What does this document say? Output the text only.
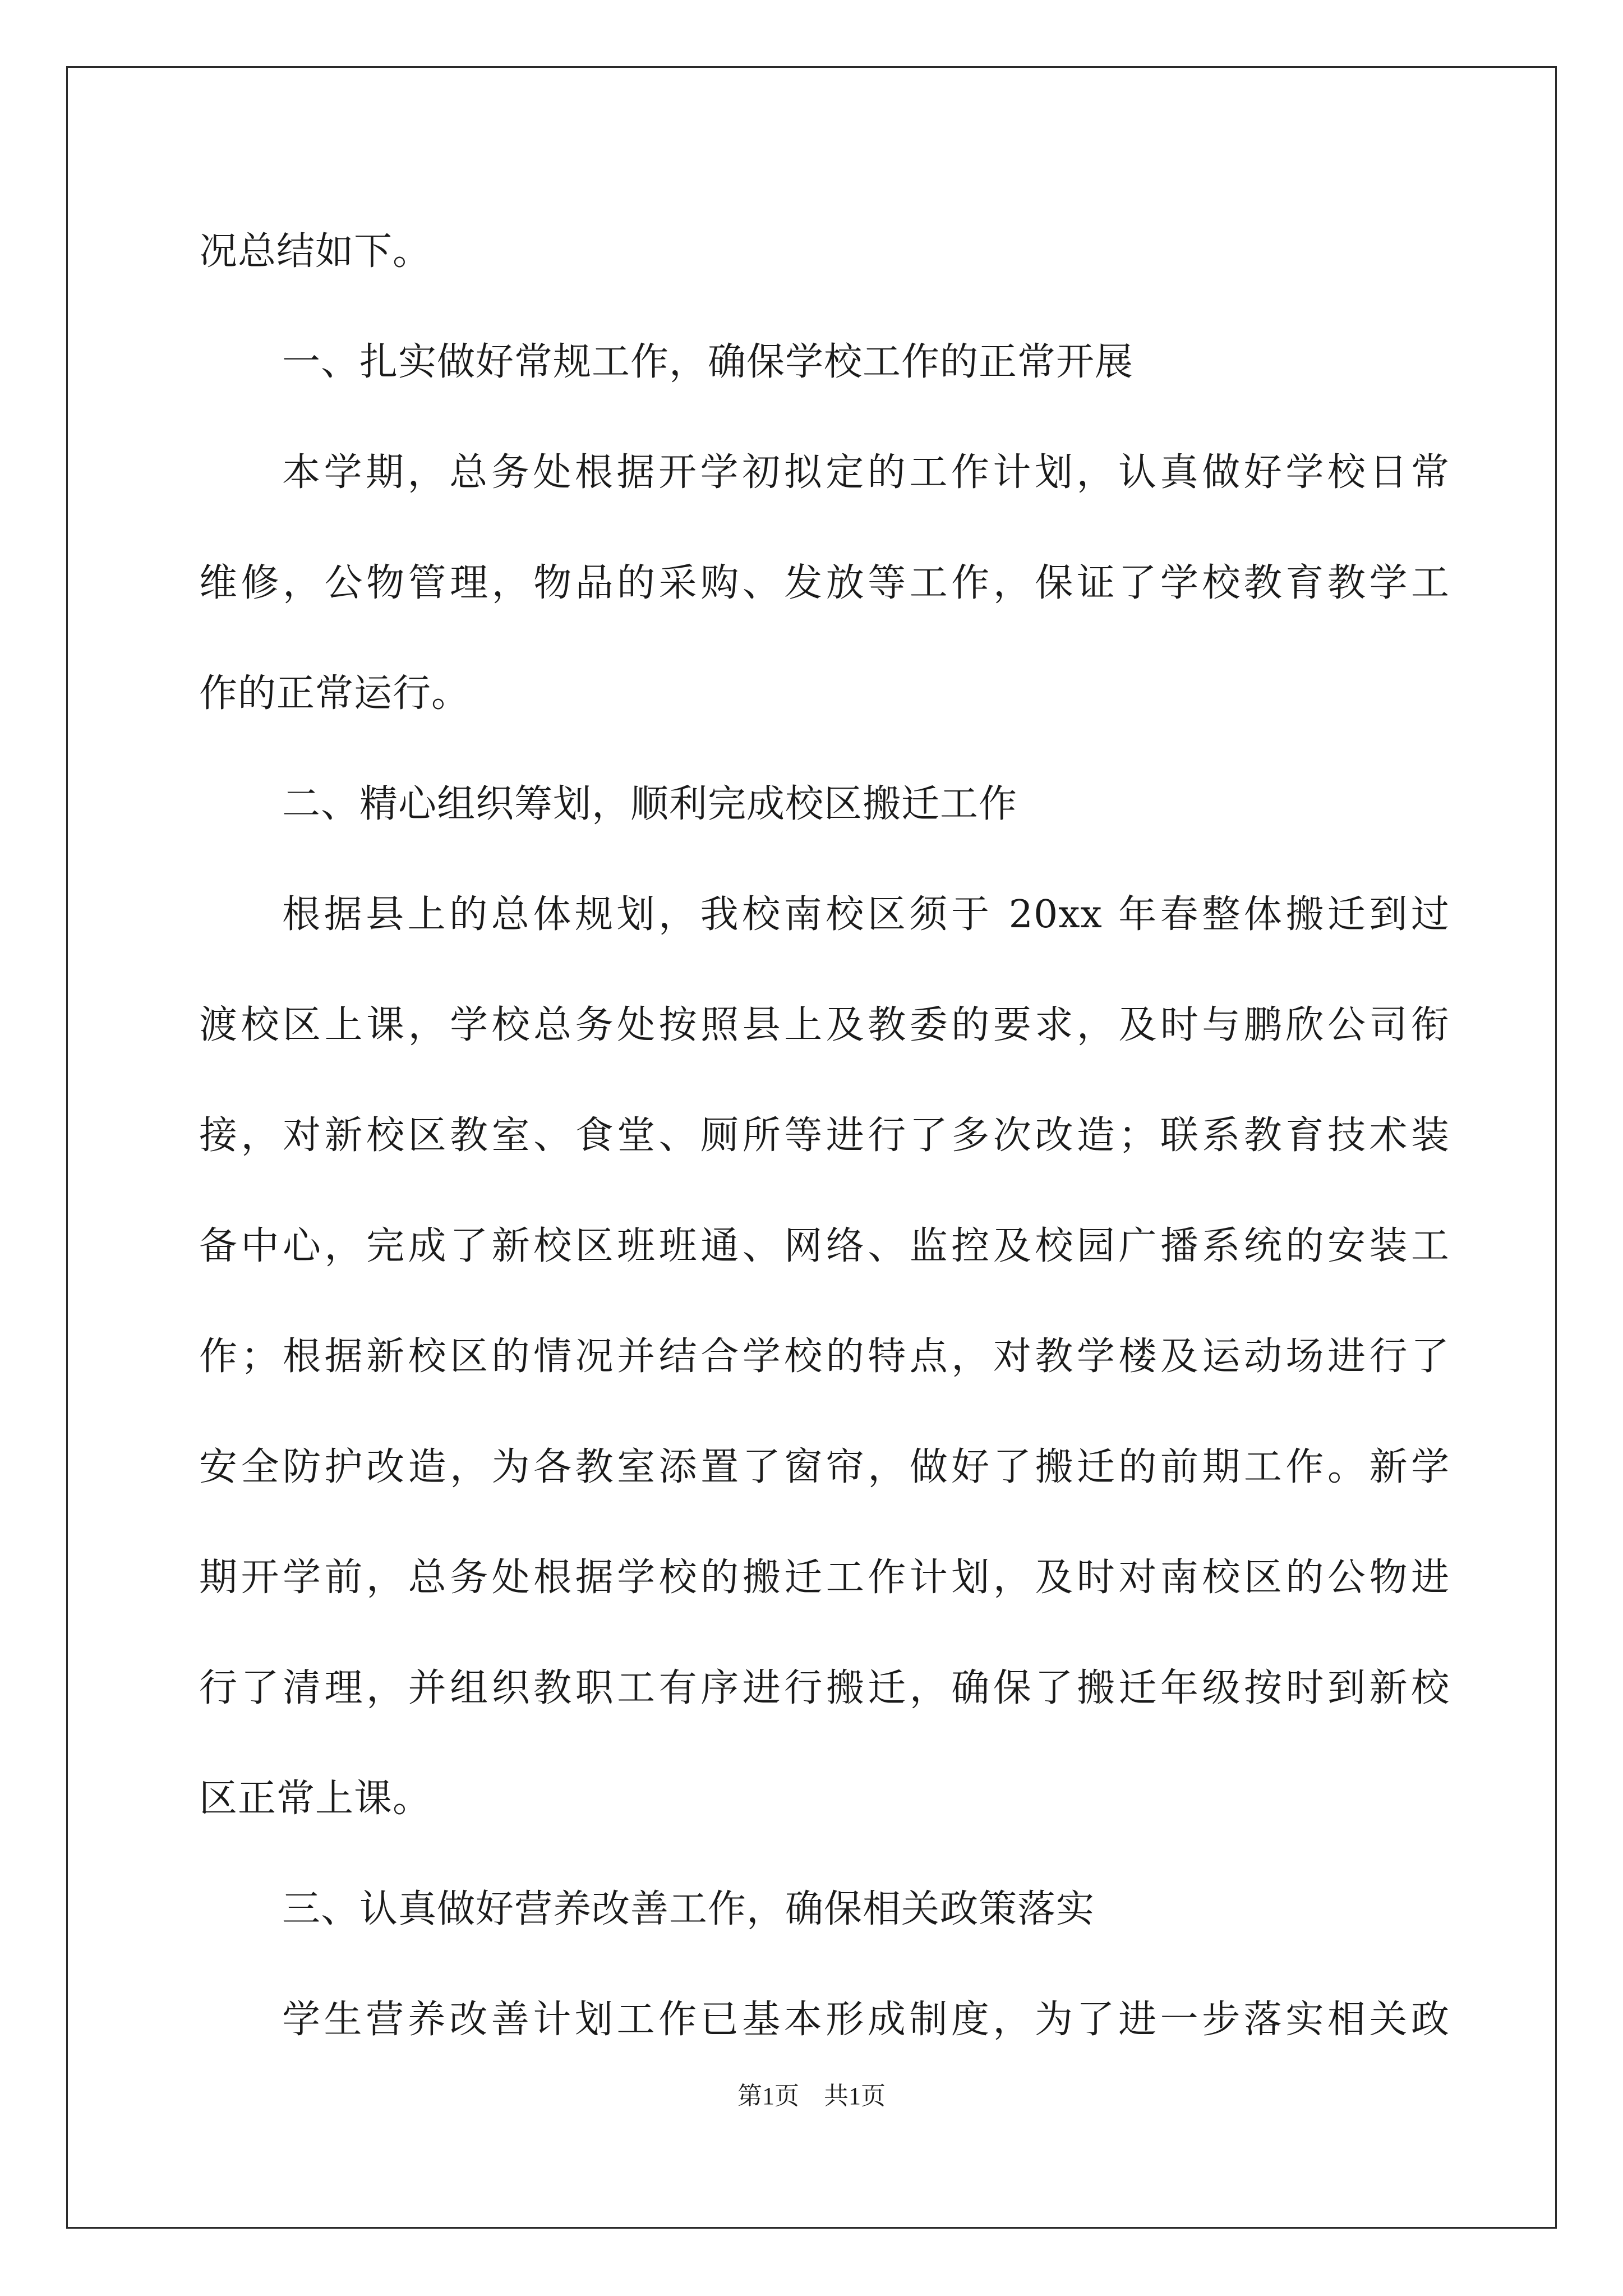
况总结如下。
一、扎实做好常规工作，确保学校工作的正常开展
本学期，总务处根据开学初拟定的工作计划，认真做好学校日常
维修，公物管理，物品的采购、发放等工作，保证了学校教育教学工
作的正常运行。
二、精心组织筹划，顺利完成校区搬迁工作
根据县上的总体规划，我校南校区须于 20xx 年春整体搬迁到过
渡校区上课，学校总务处按照县上及教委的要求，及时与鹏欣公司衔
接，对新校区教室、食堂、厕所等进行了多次改造；联系教育技术装
备中心，完成了新校区班班通、网络、监控及校园广播系统的安装工
作；根据新校区的情况并结合学校的特点，对教学楼及运动场进行了
安全防护改造，为各教室添置了窗帘，做好了搬迁的前期工作。新学
期开学前，总务处根据学校的搬迁工作计划，及时对南校区的公物进
行了清理，并组织教职工有序进行搬迁，确保了搬迁年级按时到新校
区正常上课。
三、认真做好营养改善工作，确保相关政策落实
学生营养改善计划工作已基本形成制度，为了进一步落实相关政
第1页　共1页
